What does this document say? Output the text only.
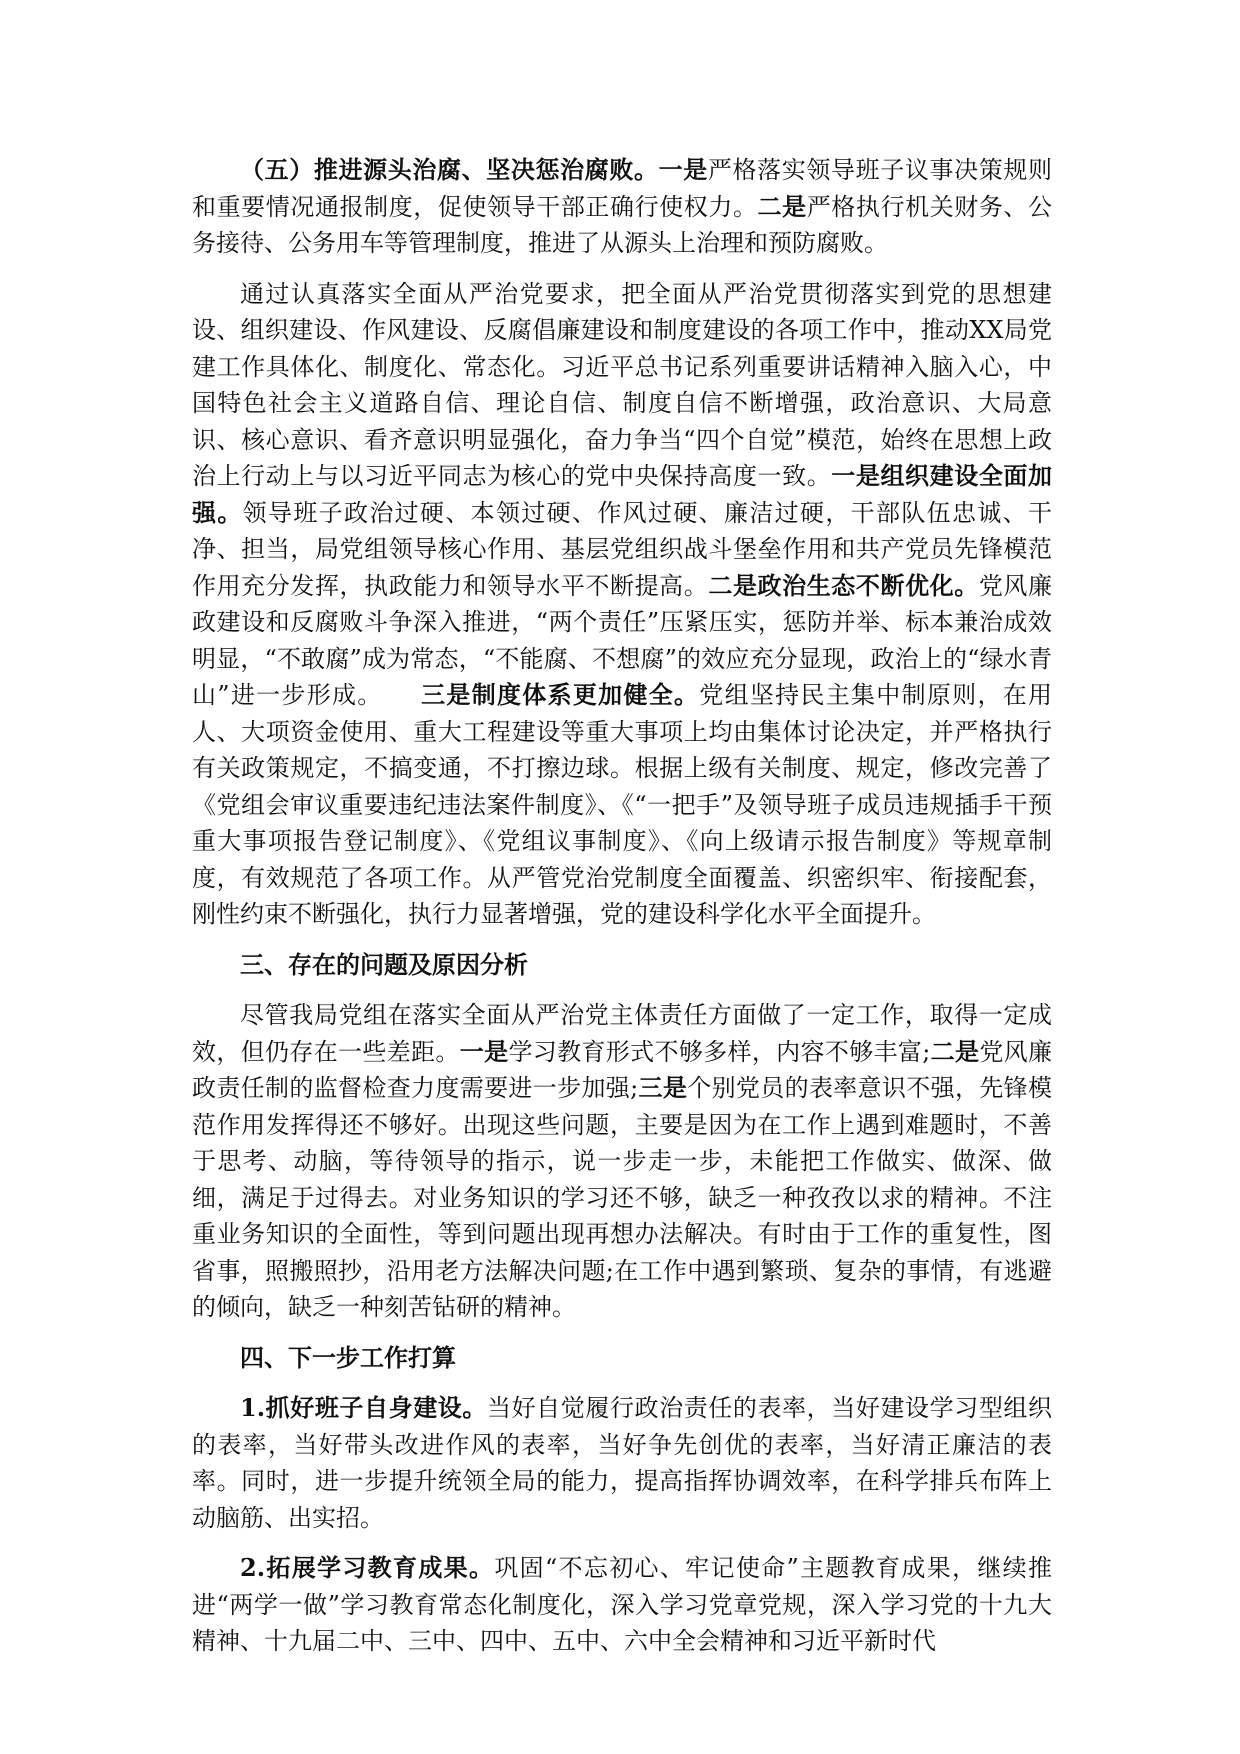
（五）推进源头治腐、坚决惩治腐败。一是严格落实领导班子议事决策规则和重要情况通报制度，促使领导干部正确行使权力。二是严格执行机关财务、公务接待、公务用车等管理制度，推进了从源头上治理和预防腐败。

通过认真落实全面从严治党要求，把全面从严治党贯彻落实到党的思想建设、组织建设、作风建设、反腐倡廉建设和制度建设的各项工作中，推动XX局党建工作具体化、制度化、常态化。习近平总书记系列重要讲话精神入脑入心，中国特色社会主义道路自信、理论自信、制度自信不断增强，政治意识、大局意识、核心意识、看齐意识明显强化，奋力争当“四个自觉”模范，始终在思想上政治上行动上与以习近平同志为核心的党中央保持高度一致。一是组织建设全面加强。领导班子政治过硬、本领过硬、作风过硬、廉洁过硬，干部队伍忠诚、干净、担当，局党组领导核心作用、基层党组织战斗堡垒作用和共产党员先锋模范作用充分发挥，执政能力和领导水平不断提高。二是政治生态不断优化。党风廉政建设和反腐败斗争深入推进，“两个责任”压紧压实，惩防并举、标本兼治成效明显，“不敢腐”成为常态，“不能腐、不想腐”的效应充分显现，政治上的“绿水青山”进一步形成。　　三是制度体系更加健全。党组坚持民主集中制原则，在用人、大项资金使用、重大工程建设等重大事项上均由集体讨论决定，并严格执行有关政策规定，不搞变通，不打擦边球。根据上级有关制度、规定，修改完善了《党组会审议重要违纪违法案件制度》、《“一把手”及领导班子成员违规插手干预重大事项报告登记制度》、《党组议事制度》、《向上级请示报告制度》等规章制度，有效规范了各项工作。从严管党治党制度全面覆盖、织密织牢、衔接配套，刚性约束不断强化，执行力显著增强，党的建设科学化水平全面提升。

三、存在的问题及原因分析

尽管我局党组在落实全面从严治党主体责任方面做了一定工作，取得一定成效，但仍存在一些差距。一是学习教育形式不够多样，内容不够丰富;二是党风廉政责任制的监督检查力度需要进一步加强;三是个别党员的表率意识不强，先锋模范作用发挥得还不够好。出现这些问题，主要是因为在工作上遇到难题时，不善于思考、动脑，等待领导的指示，说一步走一步，未能把工作做实、做深、做细，满足于过得去。对业务知识的学习还不够，缺乏一种孜孜以求的精神。不注重业务知识的全面性，等到问题出现再想办法解决。有时由于工作的重复性，图省事，照搬照抄，沿用老方法解决问题;在工作中遇到繁琐、复杂的事情，有逃避的倾向，缺乏一种刻苦钻研的精神。

四、下一步工作打算

1.抓好班子自身建设。当好自觉履行政治责任的表率，当好建设学习型组织的表率，当好带头改进作风的表率，当好争先创优的表率，当好清正廉洁的表率。同时，进一步提升统领全局的能力，提高指挥协调效率，在科学排兵布阵上动脑筋、出实招。

2.拓展学习教育成果。巩固“不忘初心、牢记使命”主题教育成果，继续推进“两学一做”学习教育常态化制度化，深入学习党章党规，深入学习党的十九大精神、十九届二中、三中、四中、五中、六中全会精神和习近平新时代
